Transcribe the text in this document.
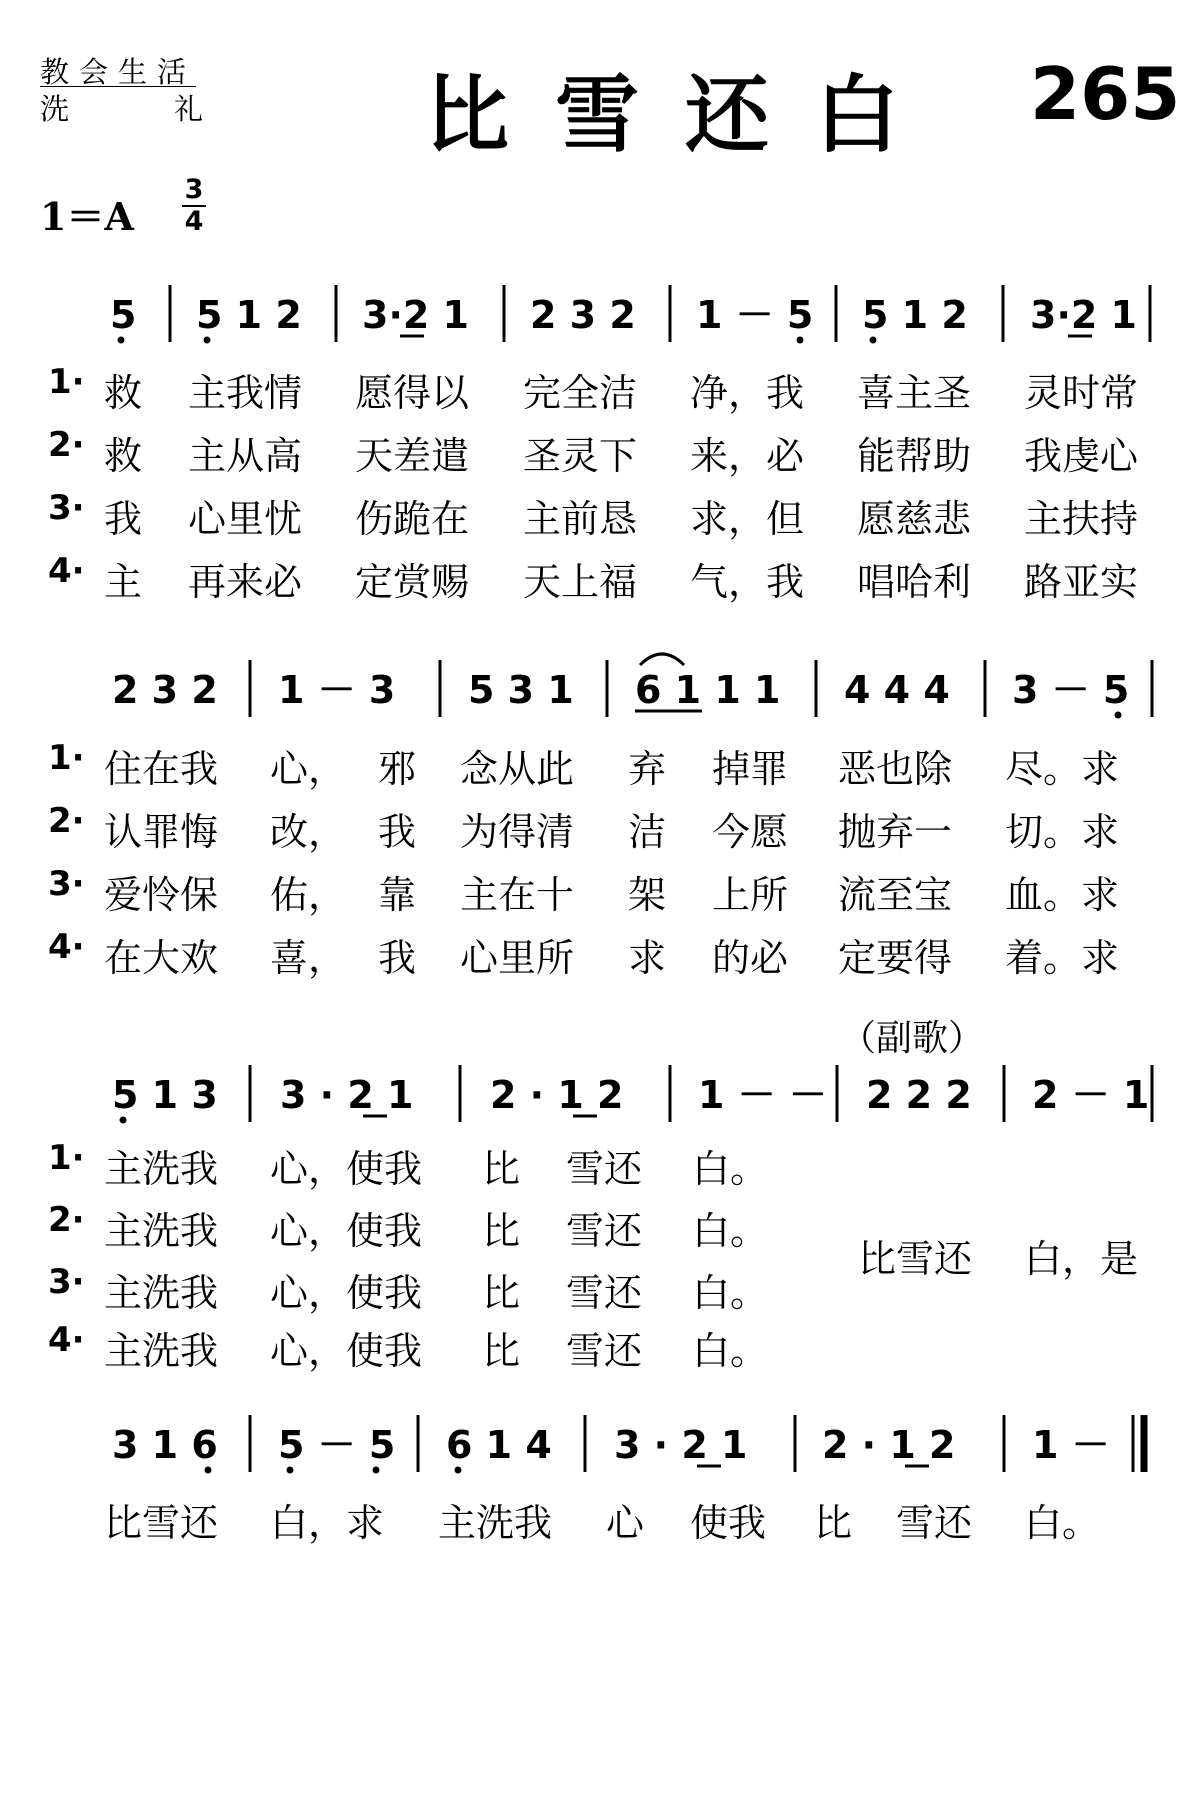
教会生活
洗　礼 比雪还白 265
1＝A
3
4
5 5 1 2 3·2 1 2 3 2 1 － 5 5 1 2 3·2 1
1· 救 主我情 愿得以 完全洁 净，我 喜主圣 灵时常
2· 救 主从高 天差遣 圣灵下 来，必 能帮助 我虔心
3· 我 心里忧 伤跪在 主前恳 求，但 愿慈悲 主扶持
4· 主 再来必 定赏赐 天上福 气，我 唱哈利 路亚实
2 3 2 1 － 3 5 3 1 6 1 1 1 4 4 4 3 － 5
1· 住在我 心， 邪 念从此 弃 掉罪 恶也除 尽。求
2· 认罪悔 改， 我 为得清 洁 今愿 抛弃一 切。求
3· 爱怜保 佑， 靠 主在十 架 上所 流至宝 血。求
4· 在大欢 喜， 我 心里所 求 的必 定要得 着。求
（副歌）
5 1 3 3 · 2 1 2 · 1 2 1 － － 2 2 2 2 － 1
1· 主洗我 心，使我 比 雪还 白。
2· 主洗我 心，使我 比 雪还 白。
3· 主洗我 心，使我 比 雪还 白。
4· 主洗我 心，使我 比 雪还 白。
比雪还 白，是
3 1 6 5 － 5 6 1 4 3 · 2 1 2 · 1 2 1 －
比雪还 白，求 主洗我 心 使我 比 雪还 白。
